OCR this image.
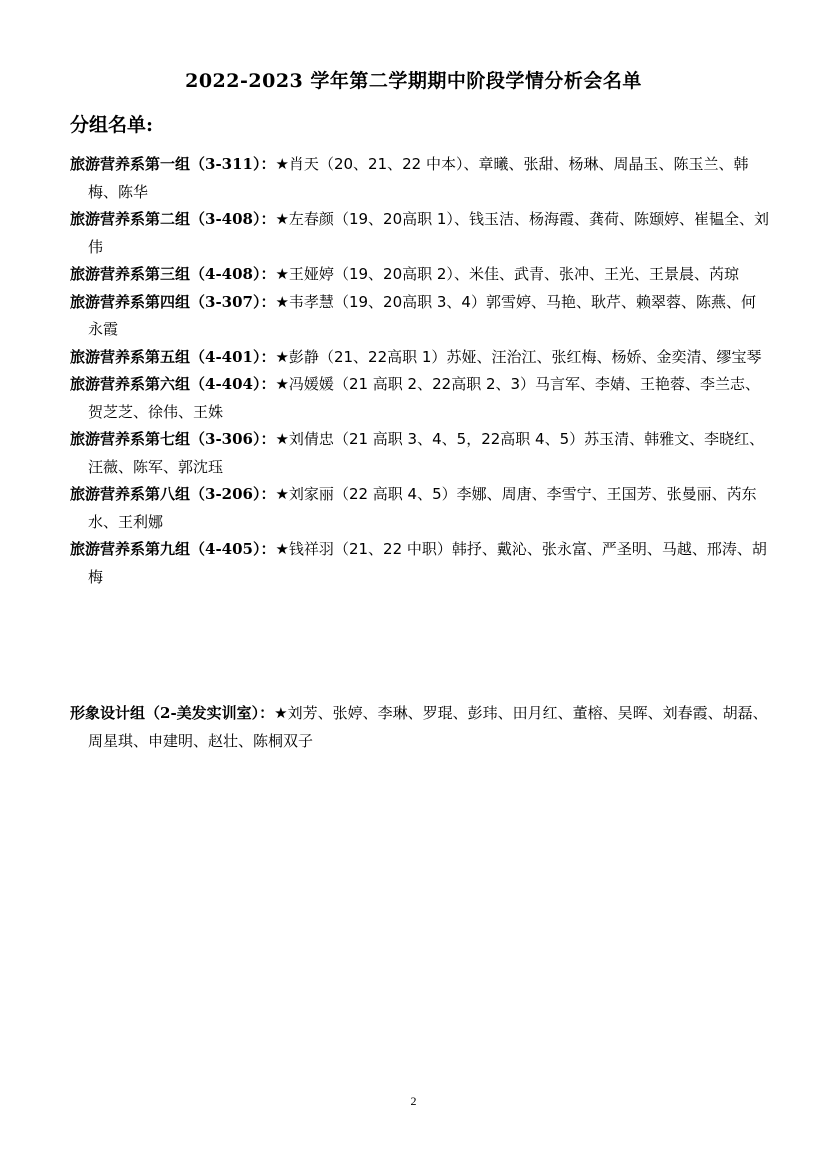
2022-2023 学年第二学期期中阶段学情分析会名单
分组名单:
旅游营养系第一组（3-311）：★肖天（20、21、22 中本）、章曦、张甜、杨琳、周晶玉、陈玉兰、韩梅、陈华
旅游营养系第二组（3-408）：★左春颜（19、20高职 1）、钱玉洁、杨海霞、龚荷、陈颋婷、崔韫全、刘伟
旅游营养系第三组（4-408）：★王娅婷（19、20高职 2）、米佳、武青、张冲、王光、王景晨、芮琼
旅游营养系第四组（3-307）：★韦孝慧（19、20高职 3、4）郭雪婷、马艳、耿芹、赖翠蓉、陈燕、何永霞
旅游营养系第五组（4-401）：★彭静（21、22高职 1）苏娅、汪治江、张红梅、杨娇、金奕清、缪宝琴
旅游营养系第六组（4-404）：★冯媛媛（21 高职 2、22高职 2、3）马言军、李婧、王艳蓉、李兰志、贺芝芝、徐伟、王姝
旅游营养系第七组（3-306）：★刘倩忠（21 高职 3、4、5，22高职 4、5）苏玉清、韩雅文、李晓红、汪薇、陈军、郭沈珏
旅游营养系第八组（3-206）：★刘家丽（22 高职 4、5）李娜、周唐、李雪宁、王国芳、张曼丽、芮东水、王利娜
旅游营养系第九组（4-405）：★钱祥羽（21、22 中职）韩抒、戴沁、张永富、严圣明、马越、邢涛、胡梅
形象设计组（2-美发实训室）：★刘芳、张婷、李琳、罗琨、彭玮、田月红、董榕、吴晖、刘春霞、胡磊、周星琪、申建明、赵壮、陈桐双子
2
